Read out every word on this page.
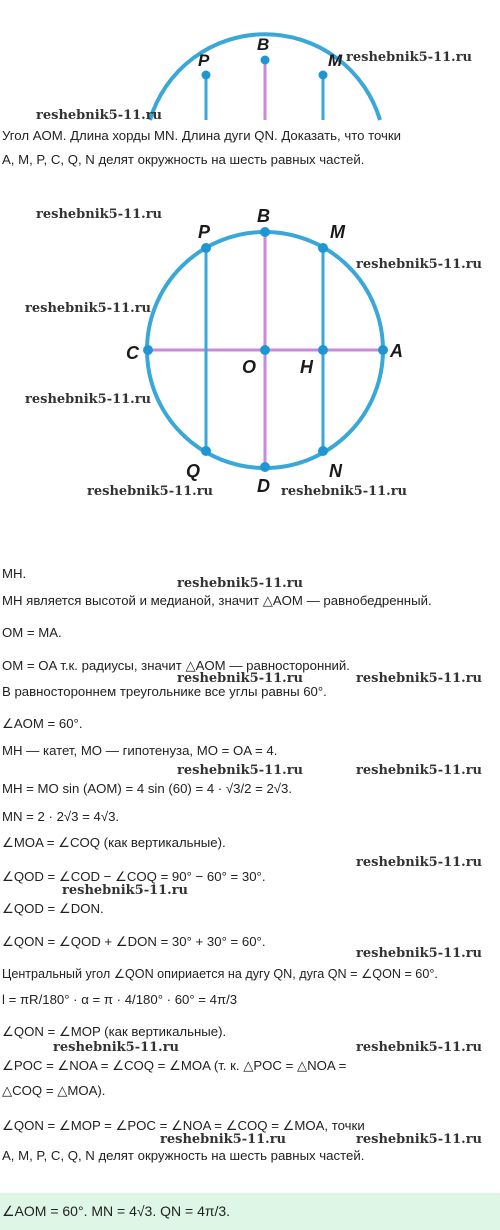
P
B
M reshebnik5-11.ru
reshebnik5-11.ru
Угол AOM. Длина хорды MN. Длина дуги QN. Доказать, что точки
A, M, P, C, Q, N делят окружность на шесть равных частей.
P
B
M
C
O H
A
Q
D
N
reshebnik5-11.ru
reshebnik5-11.ru
reshebnik5-11.ru
reshebnik5-11.ru
reshebnik5-11.ru	reshebnik5-11.ru
MH.
reshebnik5-11.ru
MH является высотой и медианой, значит △AOM — равнобедренный.
OM = MA.
OM = OA т.к. радиусы, значит △AOM — равносторонний.
reshebnik5-11.ru	reshebnik5-11.ru
В равностороннем треугольнике все углы равны 60°.
∠AOM = 60°.
MH — катет, MO — гипотенуза, MO = OA = 4.
reshebnik5-11.ru	reshebnik5-11.ru
MH = MO sin (AOM) = 4 sin (60) = 4 · √3/2 = 2√3.
MN = 2 · 2√3 = 4√3.
∠MOA = ∠COQ (как вертикальные).
reshebnik5-11.ru
∠QOD = ∠COD − ∠COQ = 90° − 60° = 30°.
reshebnik5-11.ru
∠QOD = ∠DON.
∠QON = ∠QOD + ∠DON = 30° + 30° = 60°.
reshebnik5-11.ru
Центральный угол ∠QON опириается на дугу QN, дуга QN = ∠QON = 60°.
l = πR/180° · α = π · 4/180° · 60° = 4π/3
∠QON = ∠MOP (как вертикальные).
reshebnik5-11.ru	reshebnik5-11.ru
∠POC = ∠NOA = ∠COQ = ∠MOA (т. к. △POC = △NOA =
△COQ = △MOA).
∠QON = ∠MOP = ∠POC = ∠NOA = ∠COQ = ∠MOA, точки
reshebnik5-11.ru	reshebnik5-11.ru
A, M, P, C, Q, N делят окружность на шесть равных частей.
∠AOM = 60°. MN = 4√3. QN = 4π/3.
